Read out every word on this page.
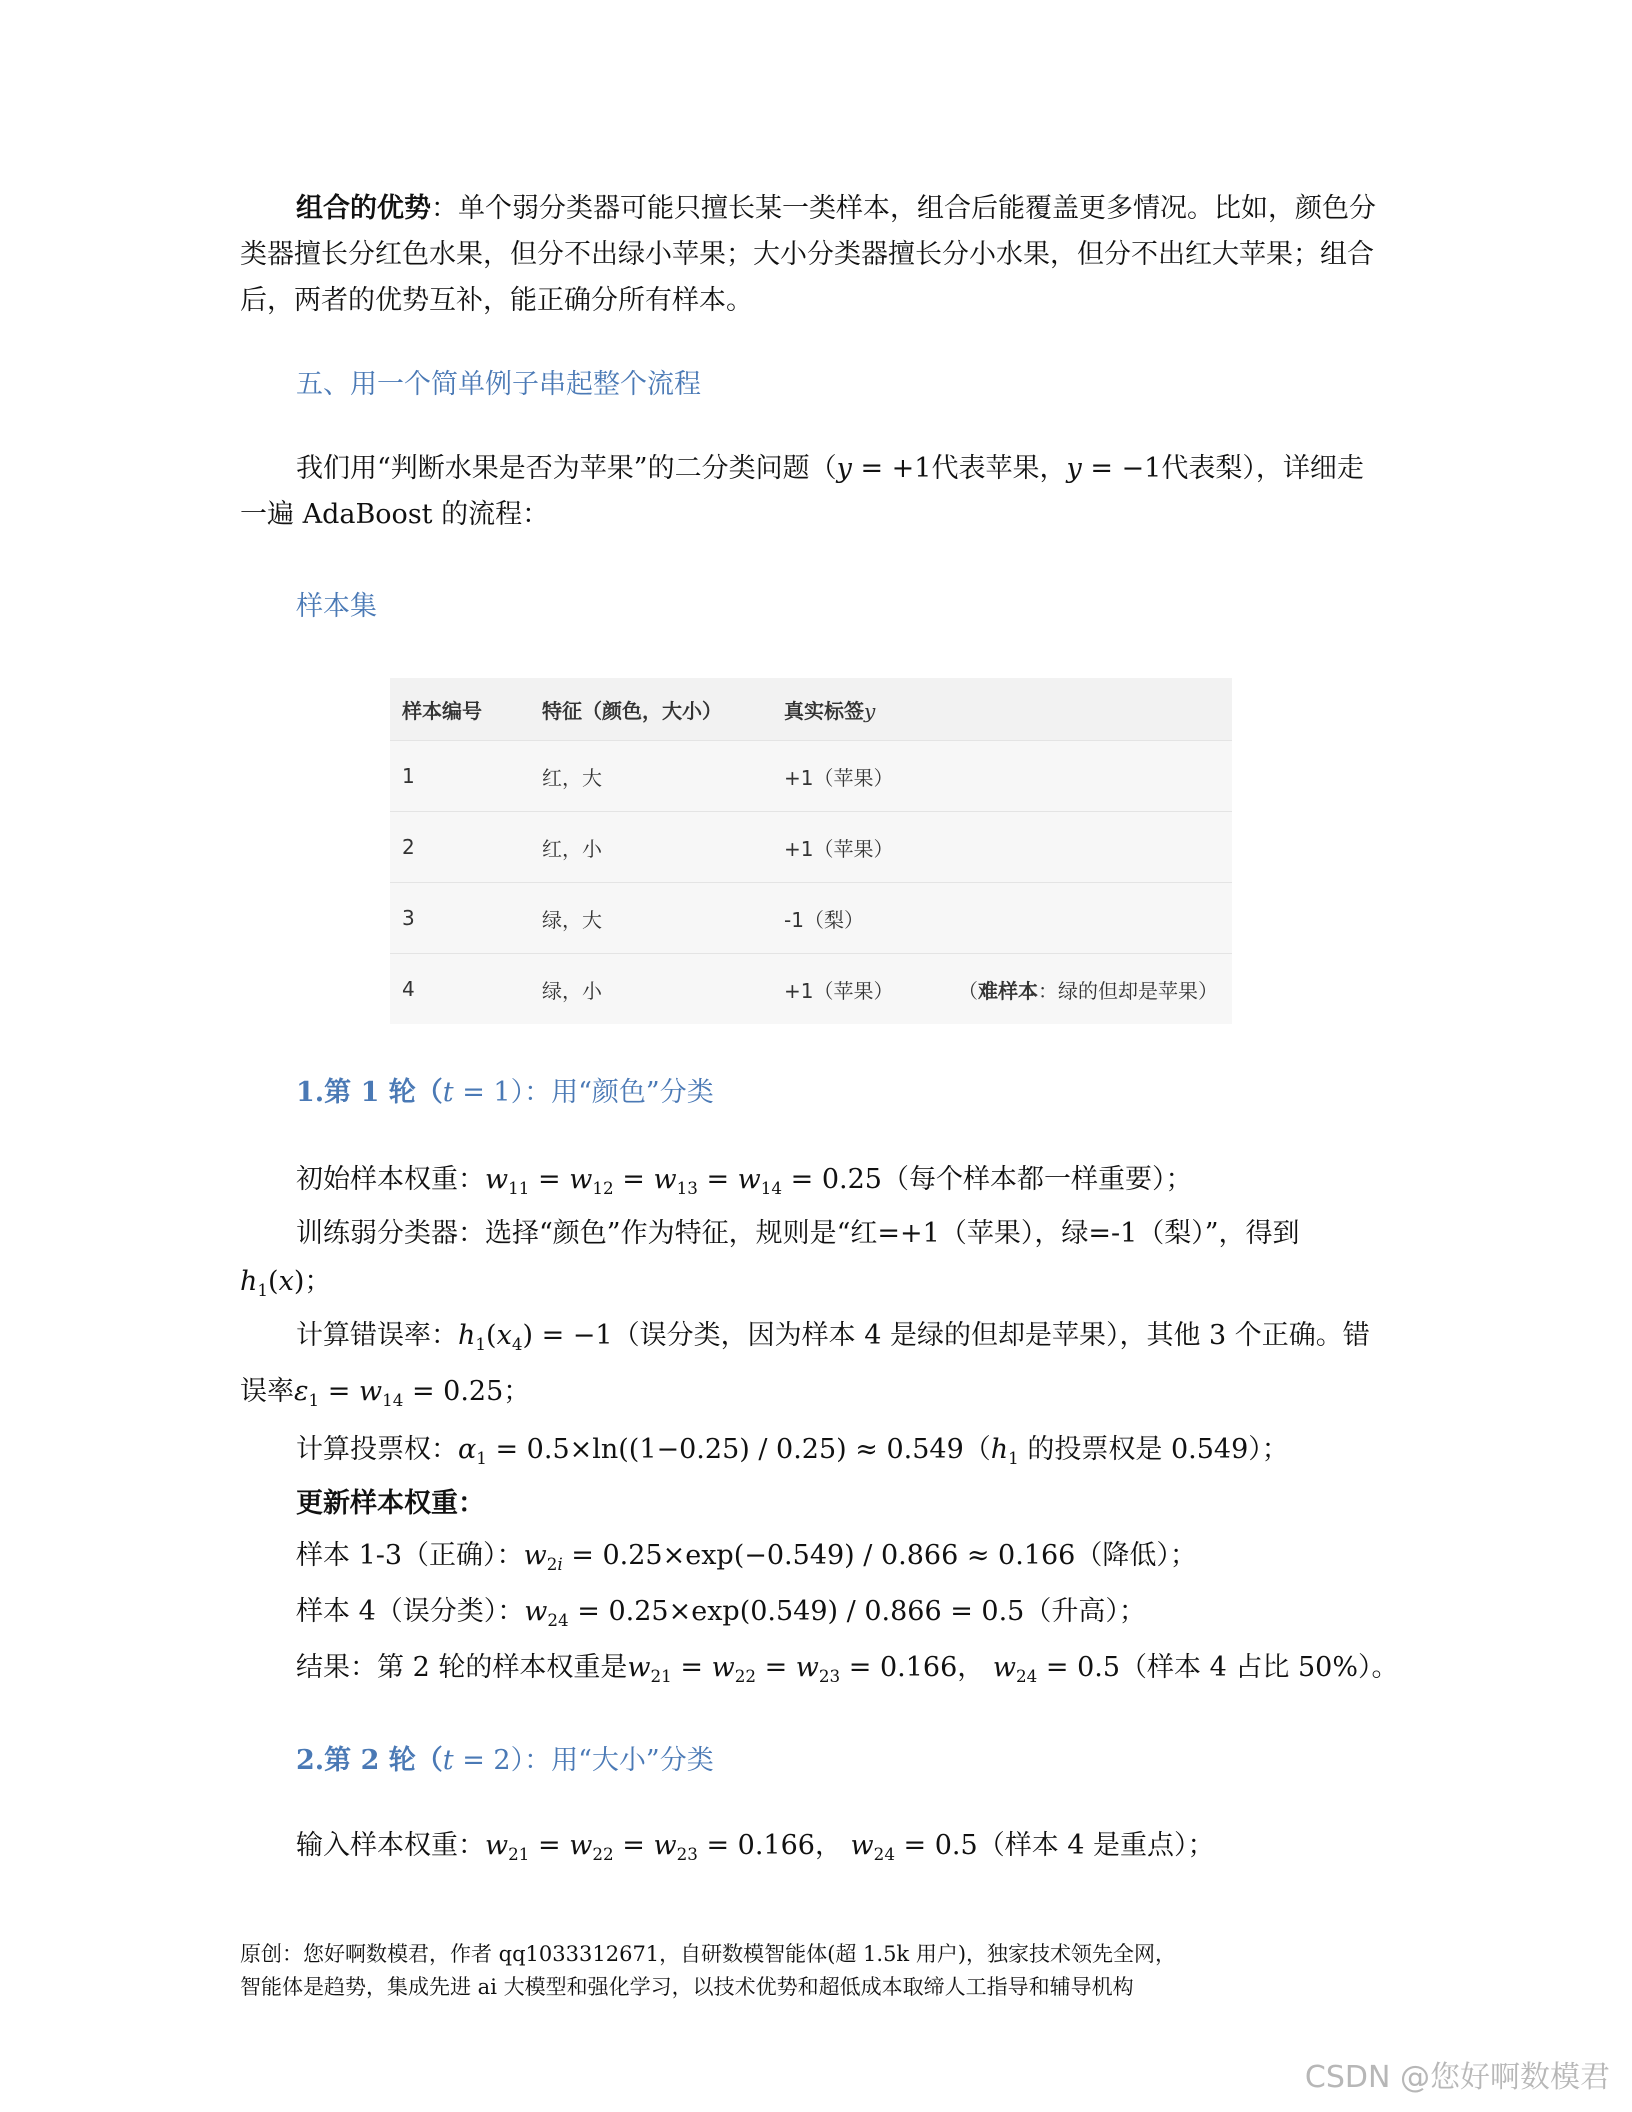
组合的优势：单个弱分类器可能只擅长某一类样本，组合后能覆盖更多情况。比如，颜色分类器擅长分红色水果，但分不出绿小苹果；大小分类器擅长分小水果，但分不出红大苹果；组合后，两者的优势互补，能正确分所有样本。
五、用一个简单例子串起整个流程
我们用“判断水果是否为苹果”的二分类问题（y = +1代表苹果，y = −1代表梨），详细走一遍 AdaBoost 的流程：
样本集
样本编号	特征（颜色，大小）	真实标签y	
1	红，大	+1（苹果）	
2	红，小	+1（苹果）	
3	绿，大	-1（梨）	
4	绿，小	+1（苹果）	（难样本：绿的但却是苹果）
1.第 1 轮（t = 1）：用“颜色”分类
初始样本权重：$w_{11} = w_{12} = w_{13} = w_{14} = 0.25$（每个样本都一样重要）；
训练弱分类器：选择“颜色”作为特征，规则是“红=+1（苹果），绿=-1（梨）”，得到
$h_1(x)$；
计算错误率：$h_1(x_4) = -1$（误分类，因为样本 4 是绿的但却是苹果），其他 3 个正确。错
误率$\varepsilon_1 = w_{14} = 0.25$；
计算投票权：$\alpha_1 = 0.5\times\ln((1-0.25) / 0.25) \approx 0.549(h_1$ 的投票权是 0.549）；
更新样本权重：
样本 1-3（正确）：$w_{2i} = 0.25\times\exp(-0.549) / 0.866 \approx 0.166$（降低）；
样本 4（误分类）：$w_{24} = 0.25\times\exp(0.549) / 0.866 = 0.5$（升高）；
结果：第 2 轮的样本权重是$w_{21} = w_{22} = w_{23} = 0.166$， $w_{24} = 0.5$（样本 4 占比 50%）。
2.第 2 轮（t = 2）：用“大小”分类
输入样本权重：$w_{21} = w_{22} = w_{23} = 0.166$， $w_{24} = 0.5$（样本 4 是重点）；
原创：您好啊数模君，作者 qq1033312671，自研数模智能体(超 1.5k 用户)，独家技术领先全网，
智能体是趋势，集成先进 ai 大模型和强化学习，以技术优势和超低成本取缔人工指导和辅导机构
CSDN @您好啊数模君
